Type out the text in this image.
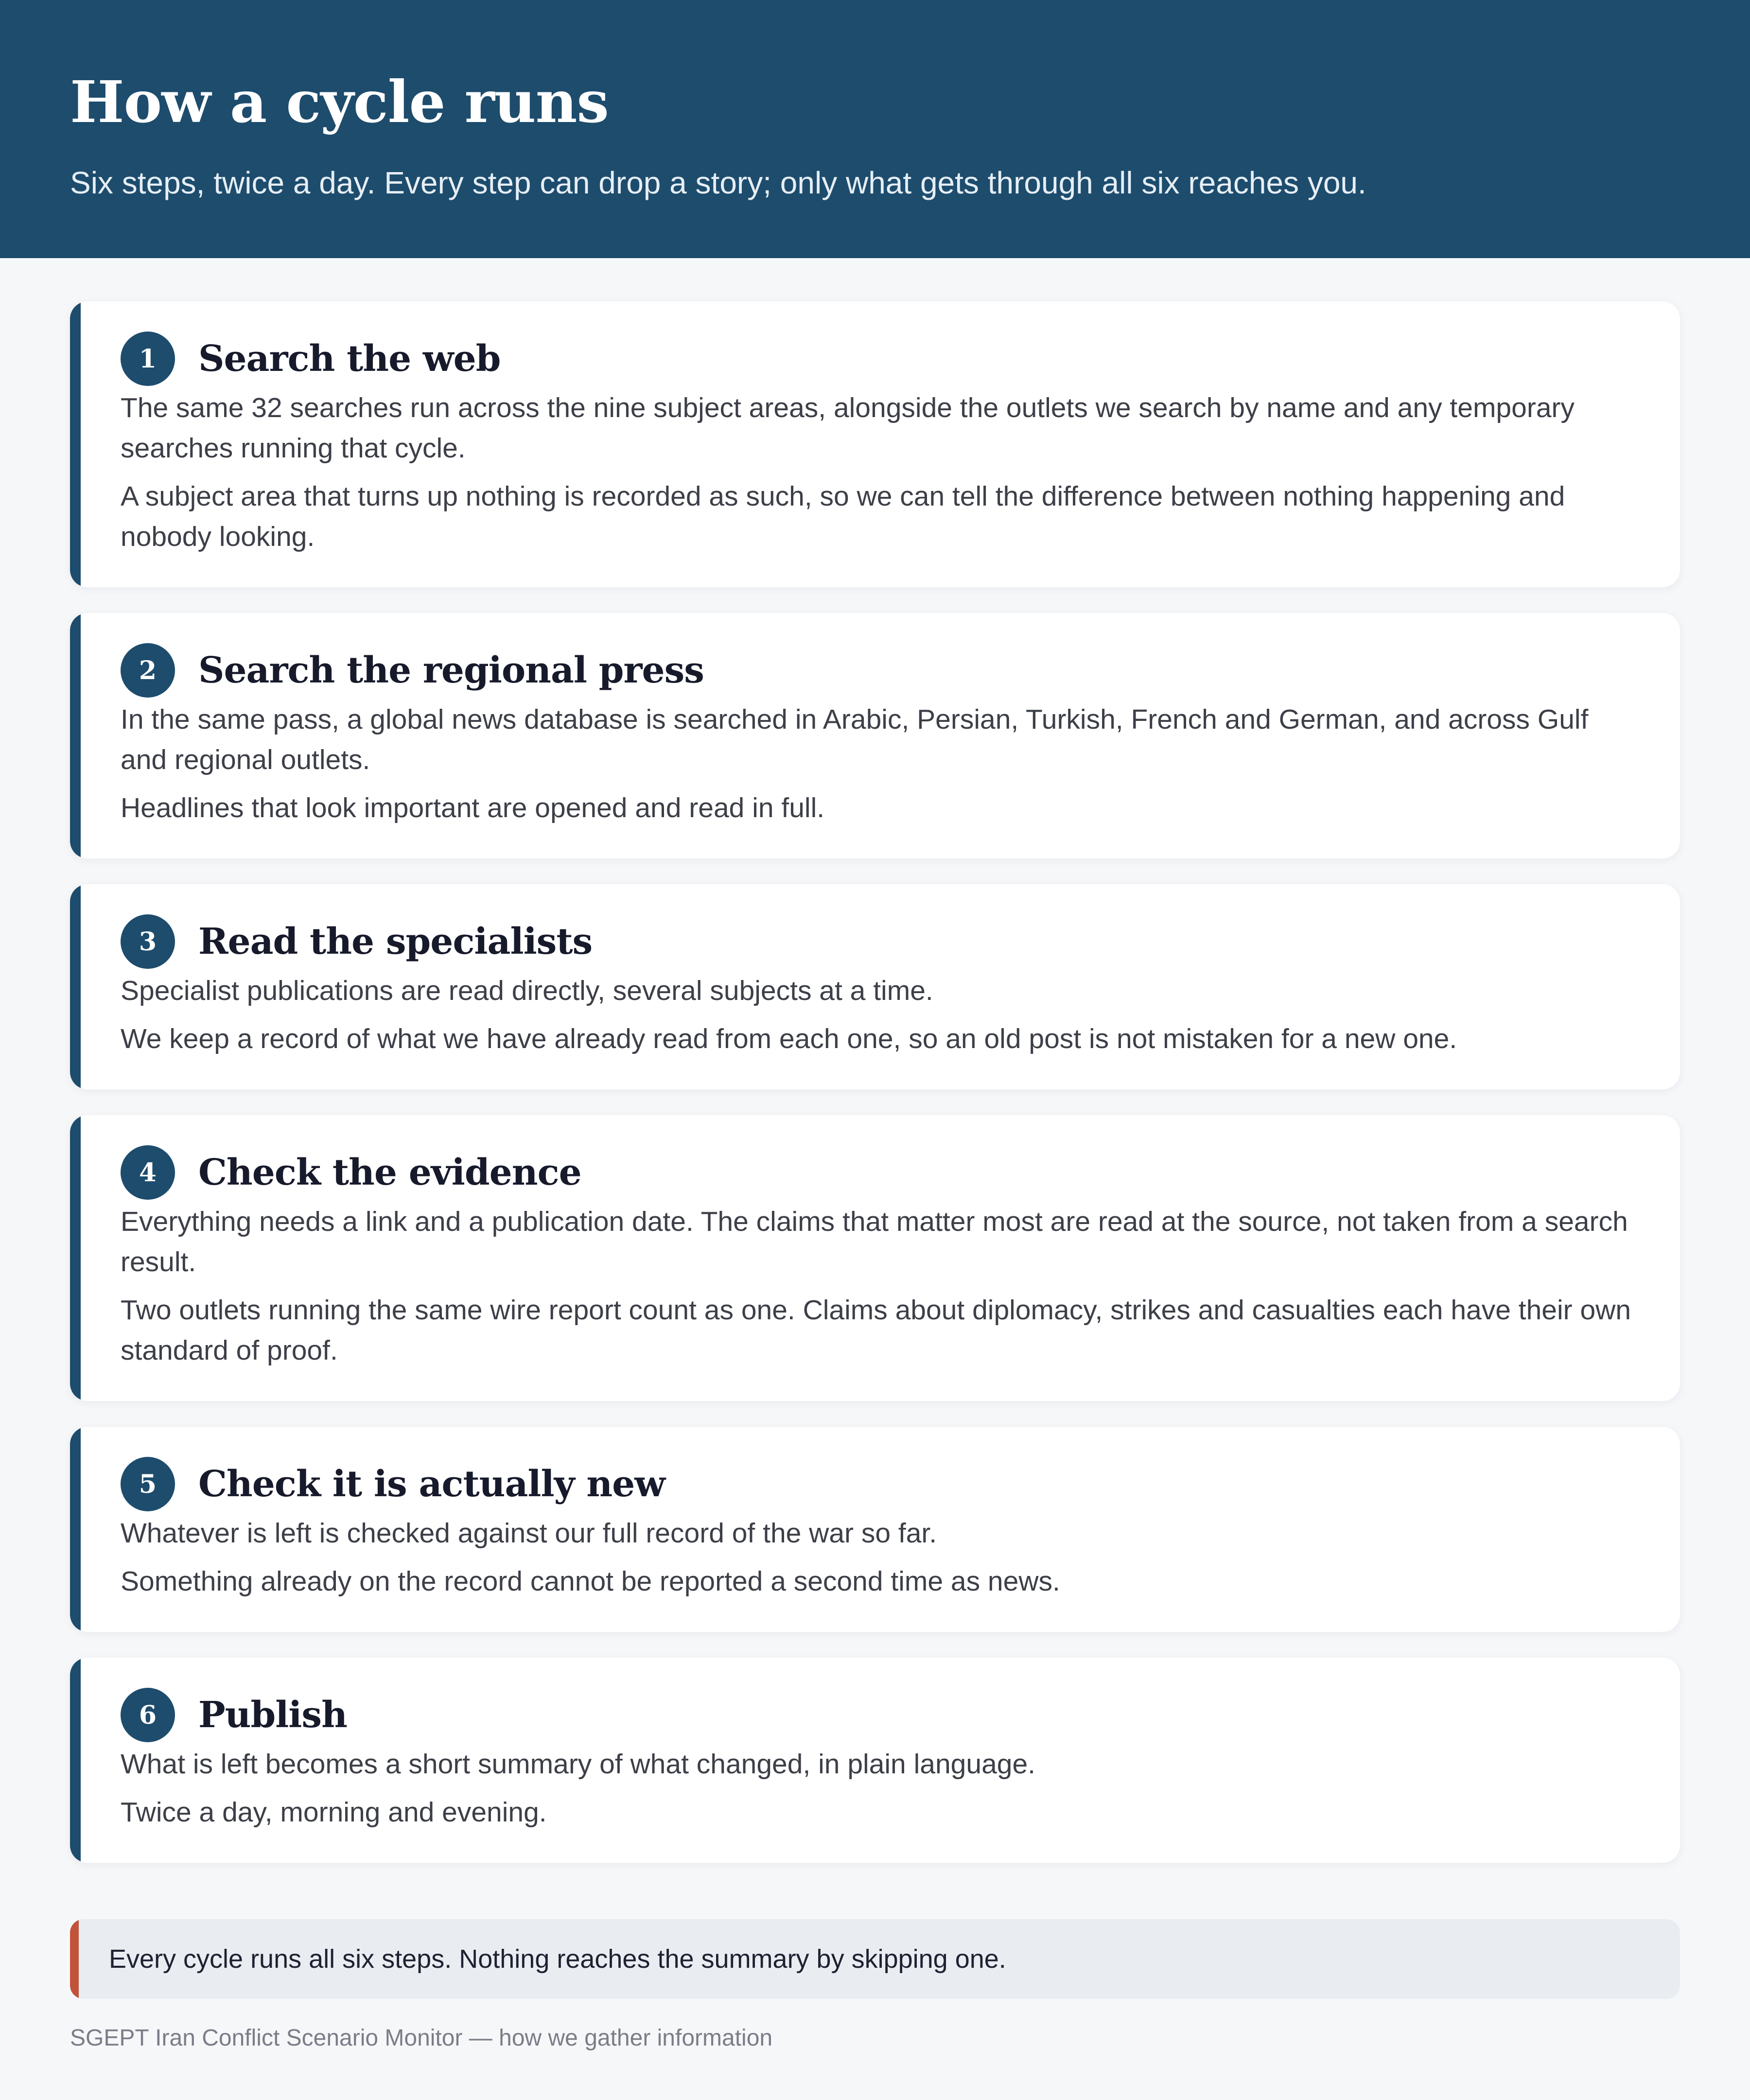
How a cycle runs
Six steps, twice a day. Every step can drop a story; only what gets through all six reaches you.
1	Search the web

The same 32 searches run across the nine subject areas, alongside the outlets we search by name and any temporary searches running that cycle.

A subject area that turns up nothing is recorded as such, so we can tell the difference between nothing happening and nobody looking.

2	Search the regional press

In the same pass, a global news database is searched in Arabic, Persian, Turkish, French and German, and across Gulf and regional outlets.

Headlines that look important are opened and read in full.

3	Read the specialists

Specialist publications are read directly, several subjects at a time.

We keep a record of what we have already read from each one, so an old post is not mistaken for a new one.

4	Check the evidence

Everything needs a link and a publication date. The claims that matter most are read at the source, not taken from a search result.

Two outlets running the same wire report count as one. Claims about diplomacy, strikes and casualties each have their own standard of proof.

5	Check it is actually new

Whatever is left is checked against our full record of the war so far.

Something already on the record cannot be reported a second time as news.

6	Publish

What is left becomes a short summary of what changed, in plain language.

Twice a day, morning and evening.

Every cycle runs all six steps. Nothing reaches the summary by skipping one.
SGEPT Iran Conflict Scenario Monitor — how we gather information
